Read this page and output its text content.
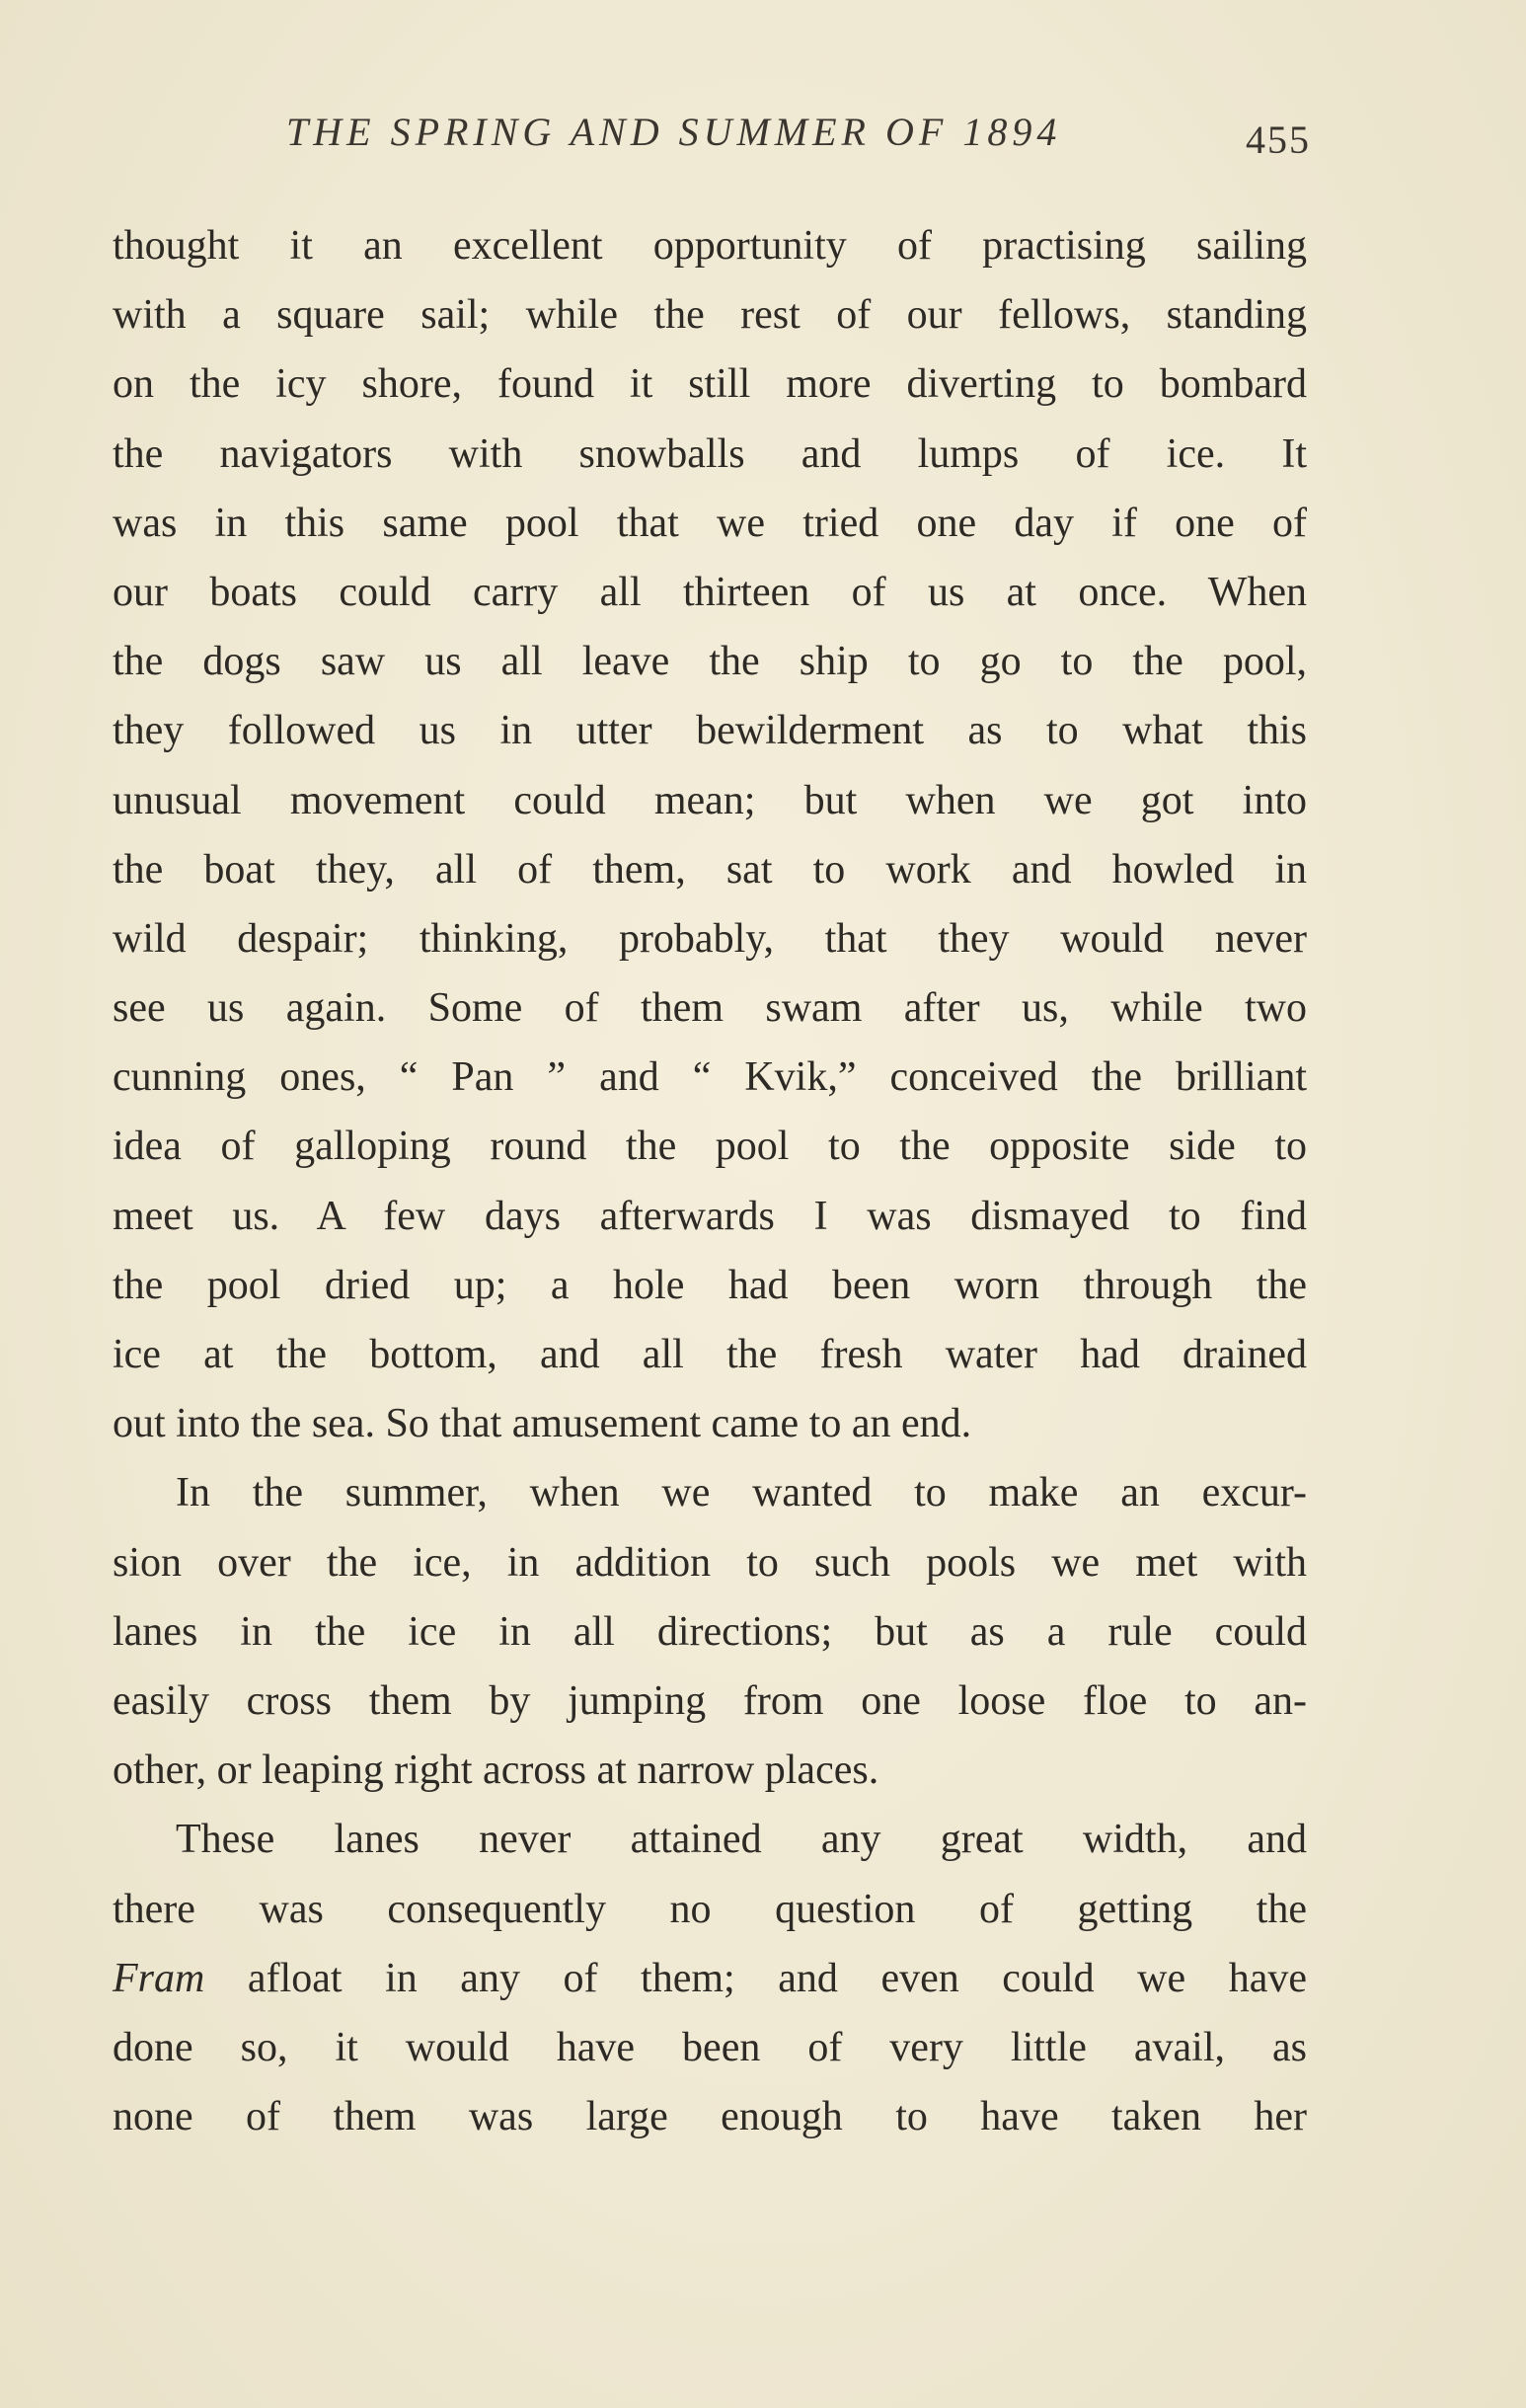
THE SPRING AND SUMMER OF 1894	455
thought it an excellent opportunity of practising sailing
with a square sail; while the rest of our fellows, standing
on the icy shore, found it still more diverting to bombard
the navigators with snowballs and lumps of ice. It
was in this same pool that we tried one day if one of
our boats could carry all thirteen of us at once. When
the dogs saw us all leave the ship to go to the pool,
they followed us in utter bewilderment as to what this
unusual movement could mean; but when we got into
the boat they, all of them, sat to work and howled in
wild despair; thinking, probably, that they would never
see us again. Some of them swam after us, while two
cunning ones, “ Pan ” and “ Kvik,” conceived the brilliant
idea of galloping round the pool to the opposite side to
meet us. A few days afterwards I was dismayed to find
the pool dried up; a hole had been worn through the
ice at the bottom, and all the fresh water had drained
out into the sea. So that amusement came to an end.
In the summer, when we wanted to make an excur-
sion over the ice, in addition to such pools we met with
lanes in the ice in all directions; but as a rule could
easily cross them by jumping from one loose floe to an-
other, or leaping right across at narrow places.
These lanes never attained any great width, and
there was consequently no question of getting the
Fram afloat in any of them; and even could we have
done so, it would have been of very little avail, as
none of them was large enough to have taken her
